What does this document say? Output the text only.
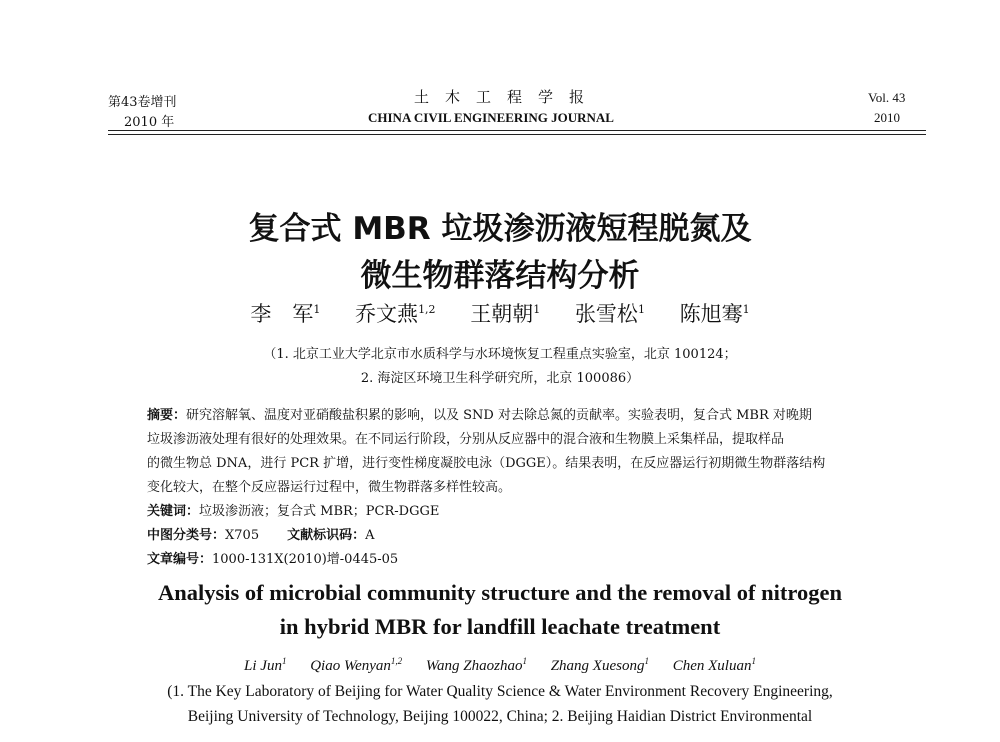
第43卷增刊
2010 年
土木工程学报
CHINA CIVIL ENGINEERING JOURNAL
Vol. 43
2010
复合式 MBR 垃圾渗沥液短程脱氮及
微生物群落结构分析
李　军$^1$ 乔文燕$^{1,2}$ 王朝朝$^1$ 张雪松$^1$ 陈旭骞$^1$
（1. 北京工业大学北京市水质科学与水环境恢复工程重点实验室，北京 100124；
2. 海淀区环境卫生科学研究所，北京 100086）
摘要：研究溶解氧、温度对亚硝酸盐积累的影响，以及 SND 对去除总氮的贡献率。实验表明，复合式 MBR 对晚期
垃圾渗沥液处理有很好的处理效果。在不同运行阶段，分别从反应器中的混合液和生物膜上采集样品，提取样品
的微生物总 DNA，进行 PCR 扩增，进行变性梯度凝胶电泳（DGGE）。结果表明，在反应器运行初期微生物群落结构
变化较大，在整个反应器运行过程中，微生物群落多样性较高。
关键词：垃圾渗沥液；复合式 MBR；PCR-DGGE
中图分类号：X705 文献标识码：A
文章编号：1000-131X(2010)增-0445-05
Analysis of microbial community structure and the removal of nitrogen
in hybrid MBR for landfill leachate treatment
Li Jun$^1$ Qiao Wenyan$^{1,2}$ Wang Zhaozhao$^1$ Zhang Xuesong$^1$ Chen Xuluan$^1$
(1. The Key Laboratory of Beijing for Water Quality Science & Water Environment Recovery Engineering,
Beijing University of Technology, Beijing 100022, China; 2. Beijing Haidian District Environmental
